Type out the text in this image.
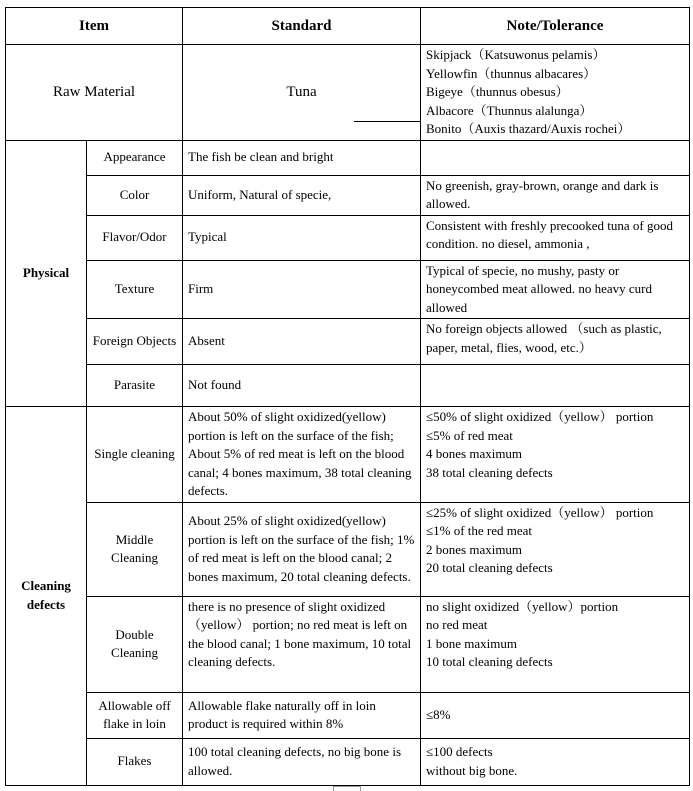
Item		Standard	Note/Tolerance
Raw Material		Tuna	Skipjack（Katsuwonus pelamis）
Yellowfin（thunnus albacares）
Bigeye（thunnus obesus）
Albacore（Thunnus alalunga）
Bonito（Auxis thazard/Auxis rochei）

Physical	Appearance	The fish be clean and bright	
	Color	Uniform, Natural of specie,	No greenish, gray-brown, orange and dark is allowed.
	Flavor/Odor	Typical	Consistent with freshly precooked tuna of good condition. no diesel, ammonia ,
	Texture	Firm	Typical of specie, no mushy, pasty or honeycombed meat allowed. no heavy curd allowed
	Foreign Objects	Absent	No foreign objects allowed （such as plastic, paper, metal, flies, wood, etc.）
	Parasite	Not found	
Cleaning defects	Single cleaning	About 50% of slight oxidized(yellow) portion is left on the surface of the fish; About 5% of red meat is left on the blood canal; 4 bones maximum, 38 total cleaning defects.	≤50% of slight oxidized（yellow） portion
≤5% of red meat
4 bones maximum
38 total cleaning defects

	Middle Cleaning	About 25% of slight oxidized(yellow) portion is left on the surface of the fish; 1% of red meat is left on the blood canal; 2 bones maximum, 20 total cleaning defects.	≤25% of slight oxidized（yellow） portion
≤1% of the red meat
2 bones maximum
20 total cleaning defects

	Double Cleaning	there is no presence of slight oxidized （yellow） portion; no red meat is left on the blood canal; 1 bone maximum, 10 total cleaning defects.	no slight oxidized（yellow）portion
no red meat
1 bone maximum
10 total cleaning defects

	Allowable off flake in loin	Allowable flake naturally off in loin product is required within 8%	≤8%

	Flakes	100 total cleaning defects, no big bone is allowed.	≤100 defects
without big bone.
